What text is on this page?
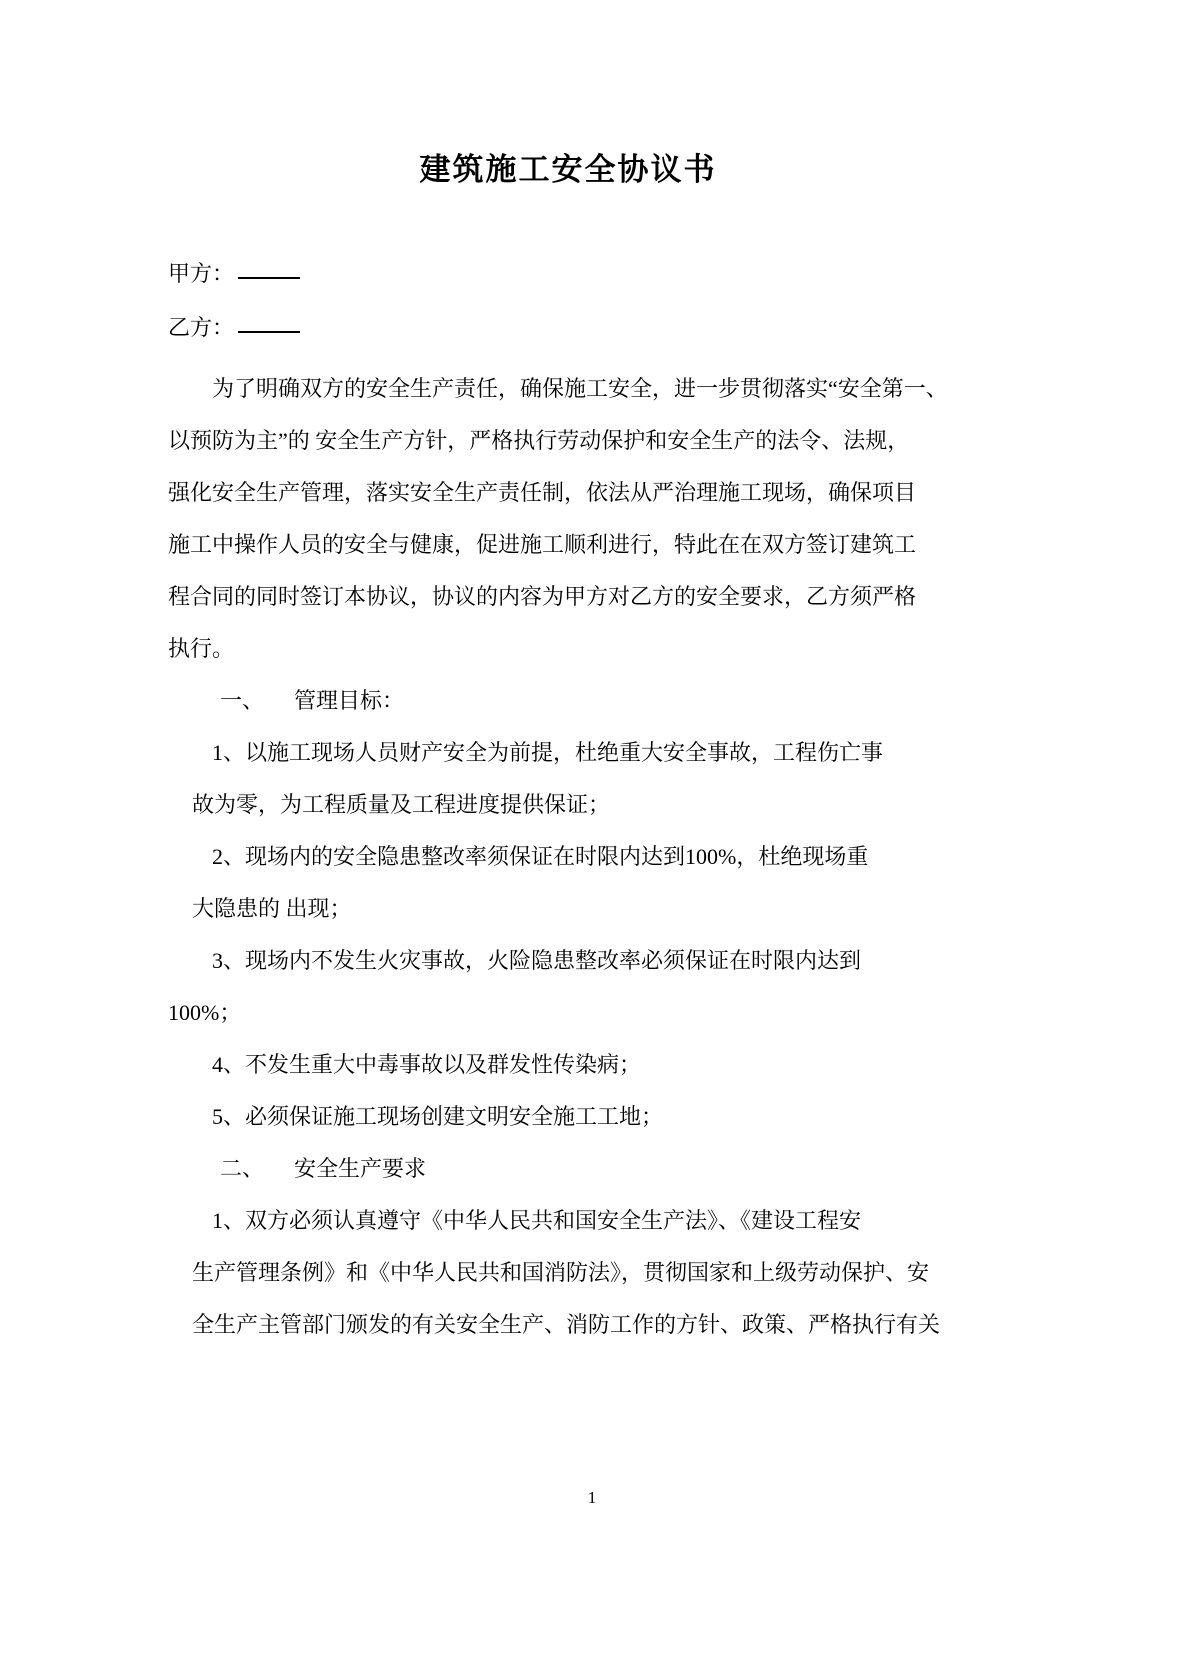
建筑施工安全协议书
甲方：
乙方：
为了明确双方的安全生产责任，确保施工安全，进一步贯彻落实“安全第一、
以预防为主”的 安全生产方针，严格执行劳动保护和安全生产的法令、法规，
强化安全生产管理，落实安全生产责任制，依法从严治理施工现场，确保项目
施工中操作人员的安全与健康，促进施工顺利进行，特此在在双方签订建筑工
程合同的同时签订本协议，协议的内容为甲方对乙方的安全要求，乙方须严格
执行。
一、 管理目标：
1、以施工现场人员财产安全为前提，杜绝重大安全事故，工程伤亡事
故为零，为工程质量及工程进度提供保证；
2、现场内的安全隐患整改率须保证在时限内达到100%，杜绝现场重
大隐患的 出现；
3、现场内不发生火灾事故，火险隐患整改率必须保证在时限内达到
100%；
4、不发生重大中毒事故以及群发性传染病；
5、必须保证施工现场创建文明安全施工工地；
二、 安全生产要求
1、双方必须认真遵守《中华人民共和国安全生产法》、《建设工程安
生产管理条例》和《中华人民共和国消防法》，贯彻国家和上级劳动保护、安
全生产主管部门颁发的有关安全生产、消防工作的方针、政策、严格执行有关
1
